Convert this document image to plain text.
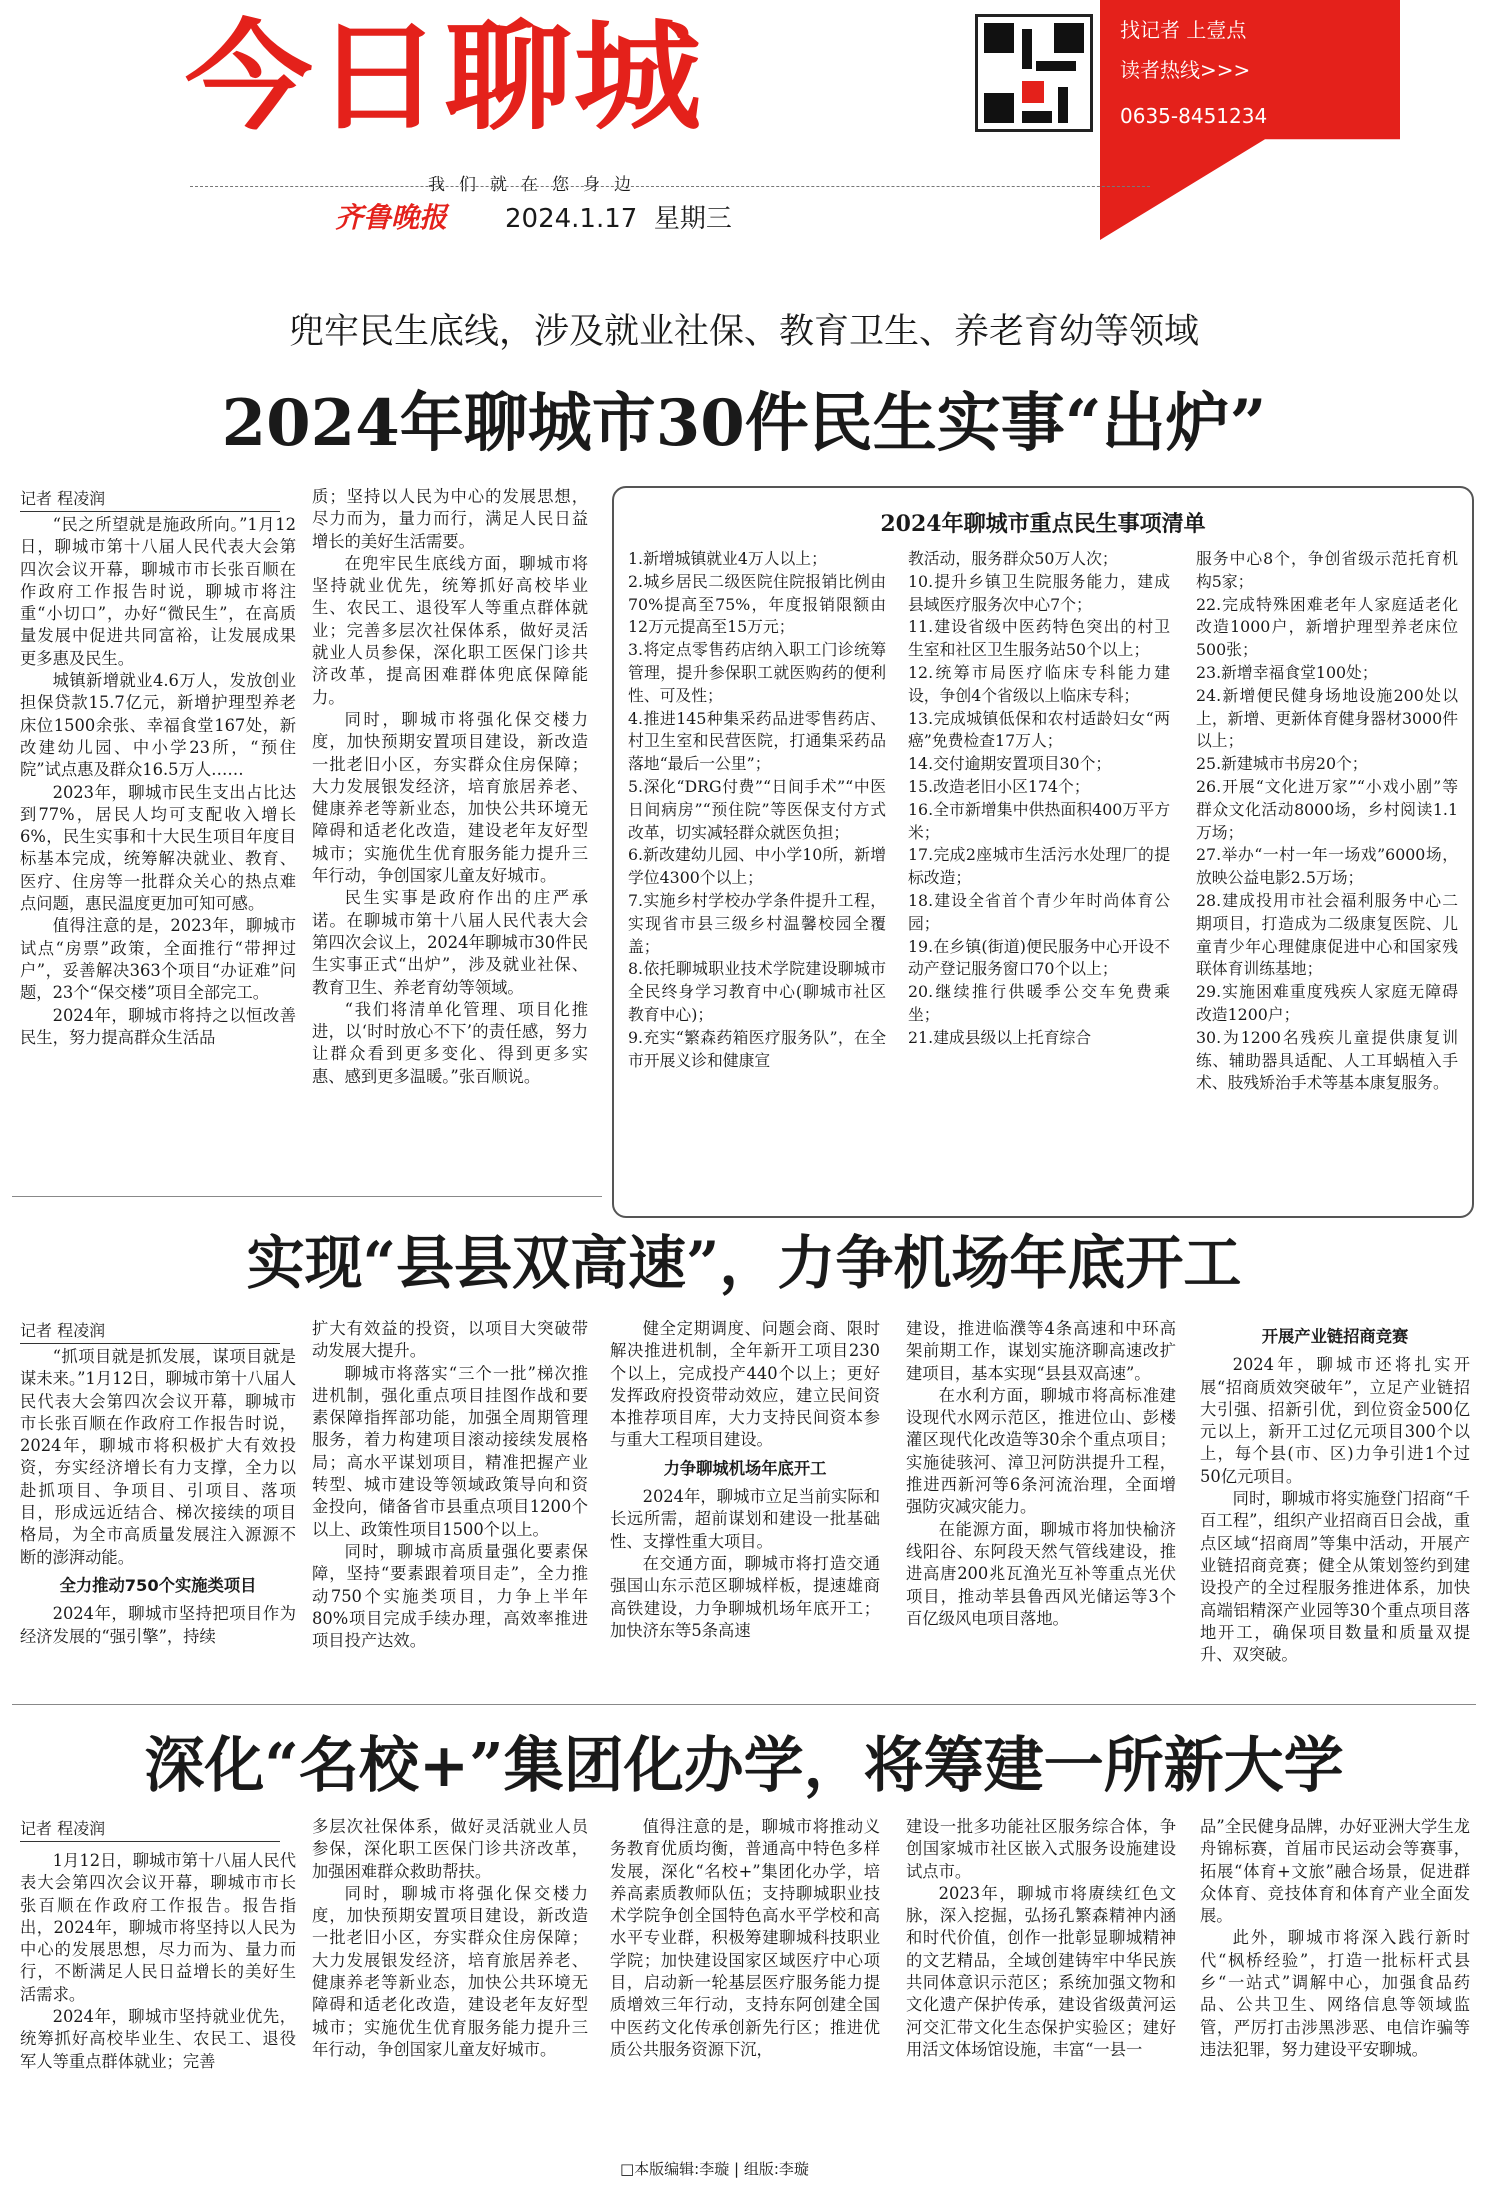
今日聊城	找记者 上壹点
读者热线>>>
0635-8451234
我们就在您身边
齐鲁晚报 2024.1.17 星期三
兜牢民生底线，涉及就业社保、教育卫生、养老育幼等领域
2024年聊城市30件民生实事“出炉”
记者 程凌润

“民之所望就是施政所向。”1月12日，聊城市第十八届人民代表大会第四次会议开幕，聊城市市长张百顺在作政府工作报告时说，聊城市将注重“小切口”，办好“微民生”，在高质量发展中促进共同富裕，让发展成果更多惠及民生。

城镇新增就业4.6万人，发放创业担保贷款15.7亿元，新增护理型养老床位1500余张、幸福食堂167处，新改建幼儿园、中小学23所，“预住院”试点惠及群众16.5万人……

2023年，聊城市民生支出占比达到77%，居民人均可支配收入增长6%，民生实事和十大民生项目年度目标基本完成，统筹解决就业、教育、医疗、住房等一批群众关心的热点难点问题，惠民温度更加可知可感。

值得注意的是，2023年，聊城市试点“房票”政策，全面推行“带押过户”，妥善解决363个项目“办证难”问题，23个“保交楼”项目全部完工。

2024年，聊城市将持之以恒改善民生，努力提高群众生活品

质；坚持以人民为中心的发展思想，尽力而为，量力而行，满足人民日益增长的美好生活需要。

在兜牢民生底线方面，聊城市将坚持就业优先，统筹抓好高校毕业生、农民工、退役军人等重点群体就业；完善多层次社保体系，做好灵活就业人员参保，深化职工医保门诊共济改革，提高困难群体兜底保障能力。

同时，聊城市将强化保交楼力度，加快预期安置项目建设，新改造一批老旧小区，夯实群众住房保障；大力发展银发经济，培育旅居养老、健康养老等新业态，加快公共环境无障碍和适老化改造，建设老年友好型城市；实施优生优育服务能力提升三年行动，争创国家儿童友好城市。

民生实事是政府作出的庄严承诺。在聊城市第十八届人民代表大会第四次会议上，2024年聊城市30件民生实事正式“出炉”，涉及就业社保、教育卫生、养老育幼等领域。

“我们将清单化管理、项目化推进，以‘时时放心不下’的责任感，努力让群众看到更多变化、得到更多实惠、感到更多温暖。”张百顺说。

2024年聊城市重点民生事项清单
1.新增城镇就业4万人以上；
2.城乡居民二级医院住院报销比例由70%提高至75%，年度报销限额由12万元提高至15万元；
3.将定点零售药店纳入职工门诊统筹管理，提升参保职工就医购药的便利性、可及性；
4.推进145种集采药品进零售药店、村卫生室和民营医院，打通集采药品落地“最后一公里”；
5.深化“DRG付费”“日间手术”“中医日间病房”“预住院”等医保支付方式改革，切实减轻群众就医负担；
6.新改建幼儿园、中小学10所，新增学位4300个以上；
7.实施乡村学校办学条件提升工程，实现省市县三级乡村温馨校园全覆盖；
8.依托聊城职业技术学院建设聊城市全民终身学习教育中心(聊城市社区教育中心)；
9.充实“繁森药箱医疗服务队”，在全市开展义诊和健康宣
教活动，服务群众50万人次；
10.提升乡镇卫生院服务能力，建成县域医疗服务次中心7个；
11.建设省级中医药特色突出的村卫生室和社区卫生服务站50个以上；
12.统筹市局医疗临床专科能力建设，争创4个省级以上临床专科；
13.完成城镇低保和农村适龄妇女“两癌”免费检查17万人；
14.交付逾期安置项目30个；
15.改造老旧小区174个；
16.全市新增集中供热面积400万平方米；
17.完成2座城市生活污水处理厂的提标改造；
18.建设全省首个青少年时尚体育公园；
19.在乡镇(街道)便民服务中心开设不动产登记服务窗口70个以上；
20.继续推行供暖季公交车免费乘坐；
21.建成县级以上托育综合
服务中心8个，争创省级示范托育机构5家；
22.完成特殊困难老年人家庭适老化改造1000户，新增护理型养老床位500张；
23.新增幸福食堂100处；
24.新增便民健身场地设施200处以上，新增、更新体育健身器材3000件以上；
25.新建城市书房20个；
26.开展“文化进万家”“小戏小剧”等群众文化活动8000场，乡村阅读1.1万场；
27.举办“一村一年一场戏”6000场，放映公益电影2.5万场；
28.建成投用市社会福利服务中心二期项目，打造成为二级康复医院、儿童青少年心理健康促进中心和国家残联体育训练基地；
29.实施困难重度残疾人家庭无障碍改造1200户；
30.为1200名残疾儿童提供康复训练、辅助器具适配、人工耳蜗植入手术、肢残矫治手术等基本康复服务。
实现“县县双高速”，力争机场年底开工
记者 程凌润

“抓项目就是抓发展，谋项目就是谋未来。”1月12日，聊城市第十八届人民代表大会第四次会议开幕，聊城市市长张百顺在作政府工作报告时说，2024年，聊城市将积极扩大有效投资，夯实经济增长有力支撑，全力以赴抓项目、争项目、引项目、落项目，形成远近结合、梯次接续的项目格局，为全市高质量发展注入源源不断的澎湃动能。

全力推动750个实施类项目

2024年，聊城市坚持把项目作为经济发展的“强引擎”，持续

扩大有效益的投资，以项目大突破带动发展大提升。

聊城市将落实“三个一批”梯次推进机制，强化重点项目挂图作战和要素保障指挥部功能，加强全周期管理服务，着力构建项目滚动接续发展格局；高水平谋划项目，精准把握产业转型、城市建设等领域政策导向和资金投向，储备省市县重点项目1200个以上、政策性项目1500个以上。

同时，聊城市高质量强化要素保障，坚持“要素跟着项目走”，全力推动750个实施类项目，力争上半年80%项目完成手续办理，高效率推进项目投产达效。

健全定期调度、问题会商、限时解决推进机制，全年新开工项目230个以上，完成投产440个以上；更好发挥政府投资带动效应，建立民间资本推荐项目库，大力支持民间资本参与重大工程项目建设。

力争聊城机场年底开工

2024年，聊城市立足当前实际和长远所需，超前谋划和建设一批基础性、支撑性重大项目。

在交通方面，聊城市将打造交通强国山东示范区聊城样板，提速雄商高铁建设，力争聊城机场年底开工；加快济东等5条高速

建设，推进临濮等4条高速和中环高架前期工作，谋划实施济聊高速改扩建项目，基本实现“县县双高速”。

在水利方面，聊城市将高标准建设现代水网示范区，推进位山、彭楼灌区现代化改造等30余个重点项目；实施徒骇河、漳卫河防洪提升工程，推进西新河等6条河流治理，全面增强防灾减灾能力。

在能源方面，聊城市将加快榆济线阳谷、东阿段天然气管线建设，推进高唐200兆瓦渔光互补等重点光伏项目，推动莘县鲁西风光储运等3个百亿级风电项目落地。

开展产业链招商竞赛

2024年，聊城市还将扎实开展“招商质效突破年”，立足产业链招大引强、招新引优，到位资金500亿元以上，新开工过亿元项目300个以上，每个县(市、区)力争引进1个过50亿元项目。

同时，聊城市将实施登门招商“千百工程”，组织产业招商百日会战，重点区域“招商周”等集中活动，开展产业链招商竞赛；健全从策划签约到建设投产的全过程服务推进体系，加快高端铝精深产业园等30个重点项目落地开工，确保项目数量和质量双提升、双突破。

深化“名校+”集团化办学，将筹建一所新大学
记者 程凌润

1月12日，聊城市第十八届人民代表大会第四次会议开幕，聊城市市长张百顺在作政府工作报告。报告指出，2024年，聊城市将坚持以人民为中心的发展思想，尽力而为、量力而行，不断满足人民日益增长的美好生活需求。

2024年，聊城市坚持就业优先，统筹抓好高校毕业生、农民工、退役军人等重点群体就业；完善

多层次社保体系，做好灵活就业人员参保，深化职工医保门诊共济改革，加强困难群众救助帮扶。

同时，聊城市将强化保交楼力度，加快预期安置项目建设，新改造一批老旧小区，夯实群众住房保障；大力发展银发经济，培育旅居养老、健康养老等新业态，加快公共环境无障碍和适老化改造，建设老年友好型城市；实施优生优育服务能力提升三年行动，争创国家儿童友好城市。

值得注意的是，聊城市将推动义务教育优质均衡，普通高中特色多样发展，深化“名校+”集团化办学，培养高素质教师队伍；支持聊城职业技术学院争创全国特色高水平学校和高水平专业群，积极筹建聊城科技职业学院；加快建设国家区域医疗中心项目，启动新一轮基层医疗服务能力提质增效三年行动，支持东阿创建全国中医药文化传承创新先行区；推进优质公共服务资源下沉，

建设一批多功能社区服务综合体，争创国家城市社区嵌入式服务设施建设试点市。

2023年，聊城市将赓续红色文脉，深入挖掘，弘扬孔繁森精神内涵和时代价值，创作一批彰显聊城精神的文艺精品，全域创建铸牢中华民族共同体意识示范区；系统加强文物和文化遗产保护传承，建设省级黄河运河交汇带文化生态保护实验区；建好用活文体场馆设施，丰富“一县一

品”全民健身品牌，办好亚洲大学生龙舟锦标赛，首届市民运动会等赛事，拓展“体育+文旅”融合场景，促进群众体育、竞技体育和体育产业全面发展。

此外，聊城市将深入践行新时代“枫桥经验”，打造一批标杆式县乡“一站式”调解中心，加强食品药品、公共卫生、网络信息等领域监管，严厉打击涉黑涉恶、电信诈骗等违法犯罪，努力建设平安聊城。

□本版编辑:李璇 | 组版:李璇
